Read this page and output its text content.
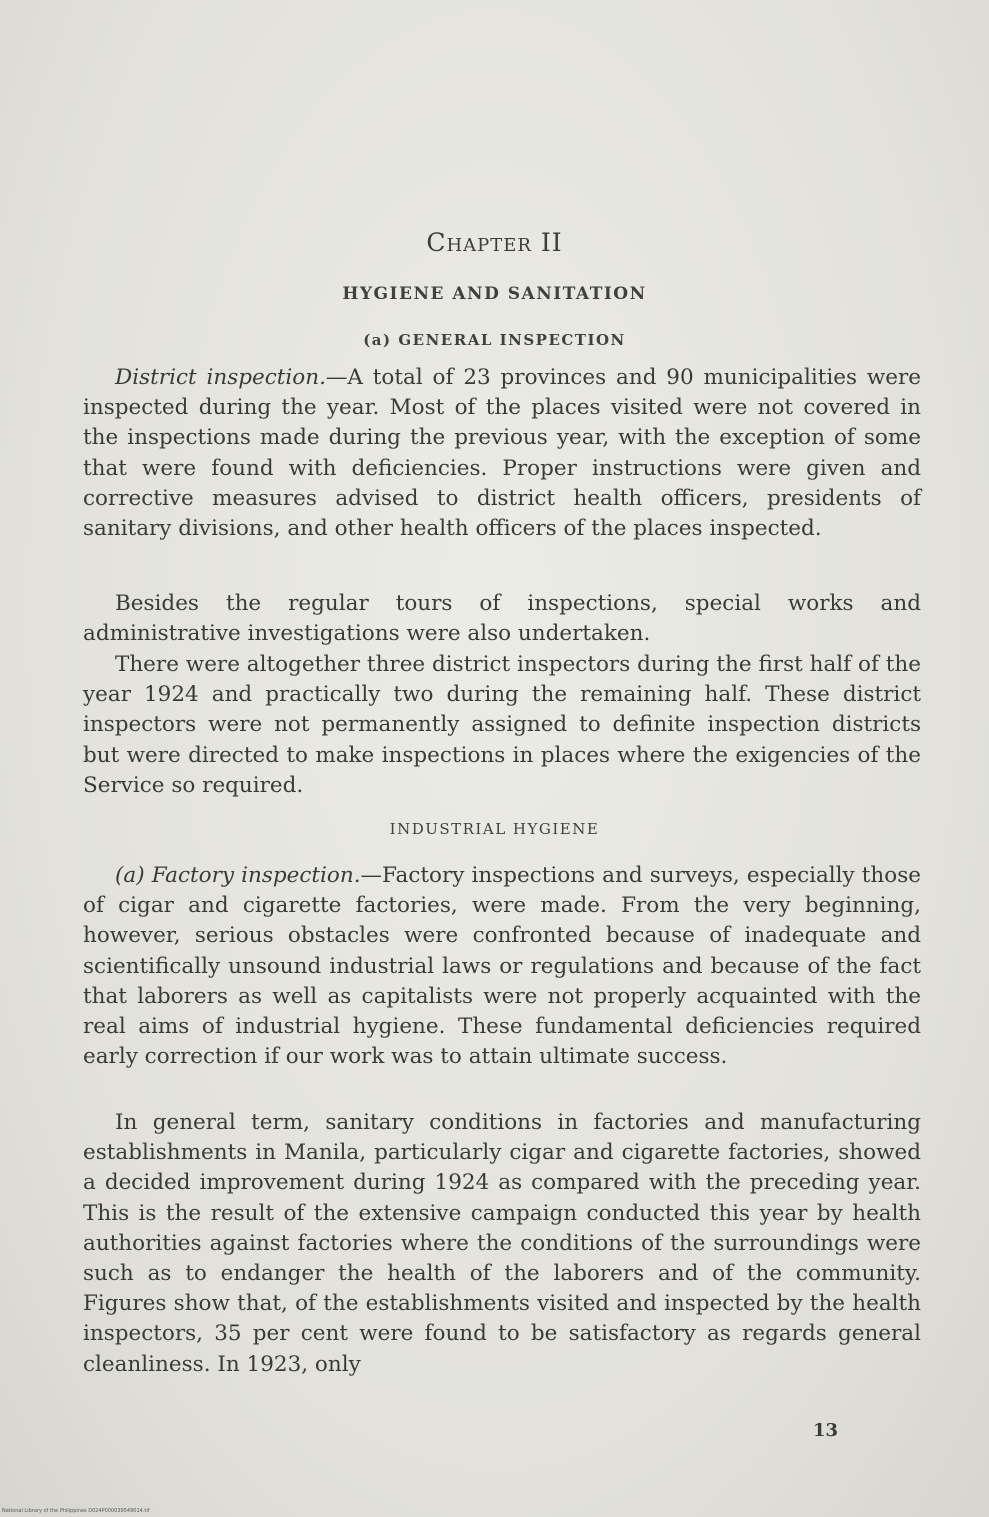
Chapter II
HYGIENE AND SANITATION
(a) GENERAL INSPECTION

District inspection.—A total of 23 provinces and 90 municipalities were inspected during the year. Most of the places visited were not covered in the inspections made during the previous year, with the exception of some that were found with deficiencies. Proper instructions were given and corrective measures advised to district health officers, presidents of sanitary divisions, and other health officers of the places inspected.

Besides the regular tours of inspections, special works and administrative investigations were also undertaken.

There were altogether three district inspectors during the first half of the year 1924 and practically two during the remaining half. These district inspectors were not permanently assigned to definite inspection districts but were directed to make inspections in places where the exigencies of the Service so required.

INDUSTRIAL HYGIENE

(a) Factory inspection.—Factory inspections and surveys, especially those of cigar and cigarette factories, were made. From the very beginning, however, serious obstacles were confronted because of inadequate and scientifically unsound industrial laws or regulations and because of the fact that laborers as well as capitalists were not properly acquainted with the real aims of industrial hygiene. These fundamental deficiencies required early correction if our work was to attain ultimate success.

In general term, sanitary conditions in factories and manufacturing establishments in Manila, particularly cigar and cigarette factories, showed a decided improvement during 1924 as compared with the preceding year. This is the result of the extensive campaign conducted this year by health authorities against factories where the conditions of the surroundings were such as to endanger the health of the laborers and of the community. Figures show that, of the establishments visited and inspected by the health inspectors, 35 per cent were found to be satisfactory as regards general cleanliness. In 1923, only

13
National Library of the Philippines D024P000039549014.tif
